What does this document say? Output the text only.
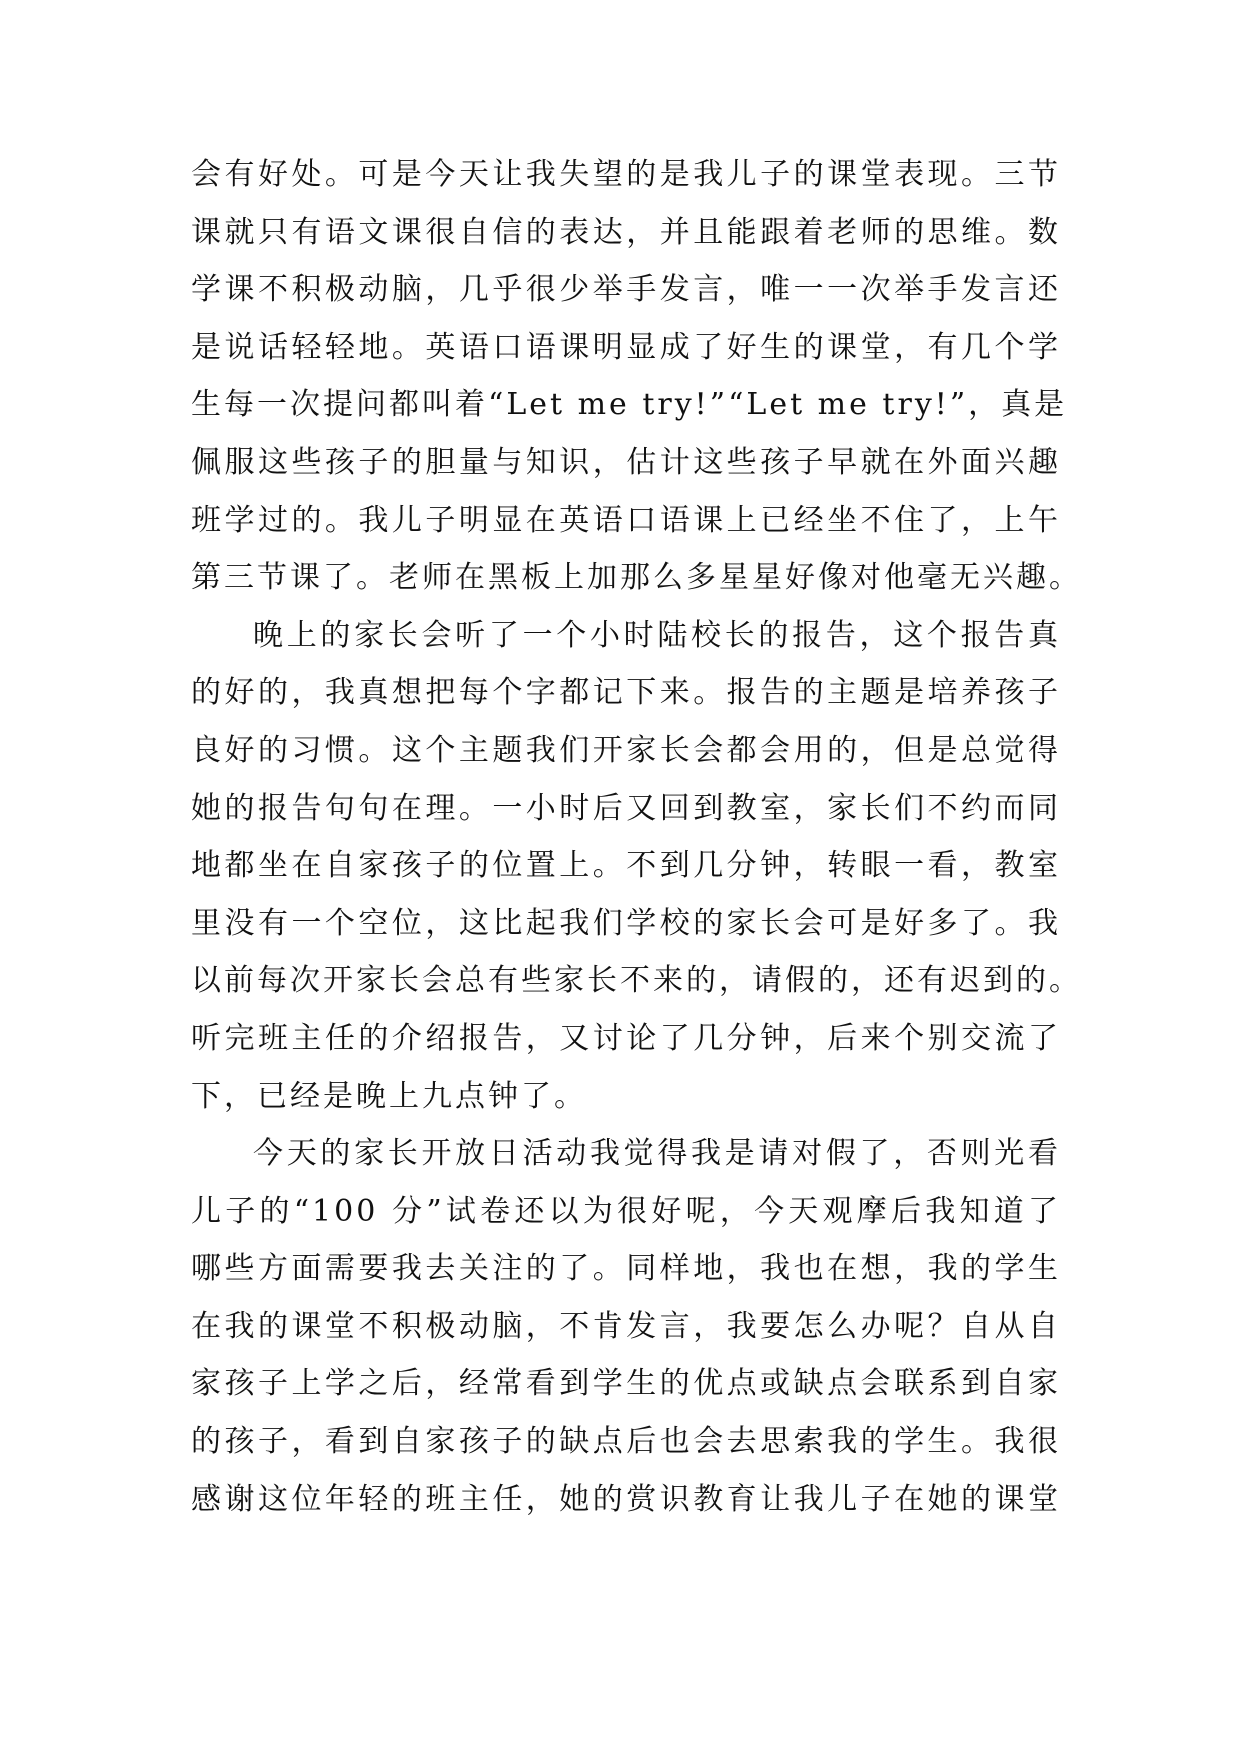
会有好处。可是今天让我失望的是我儿子的课堂表现。三节
课就只有语文课很自信的表达，并且能跟着老师的思维。数
学课不积极动脑，几乎很少举手发言，唯一一次举手发言还
是说话轻轻地。英语口语课明显成了好生的课堂，有几个学
生每一次提问都叫着“Let me try!”“Let me try!”，真是
佩服这些孩子的胆量与知识，估计这些孩子早就在外面兴趣
班学过的。我儿子明显在英语口语课上已经坐不住了，上午
第三节课了。老师在黑板上加那么多星星好像对他毫无兴趣。
晚上的家长会听了一个小时陆校长的报告，这个报告真
的好的，我真想把每个字都记下来。报告的主题是培养孩子
良好的习惯。这个主题我们开家长会都会用的，但是总觉得
她的报告句句在理。一小时后又回到教室，家长们不约而同
地都坐在自家孩子的位置上。不到几分钟，转眼一看，教室
里没有一个空位，这比起我们学校的家长会可是好多了。我
以前每次开家长会总有些家长不来的，请假的，还有迟到的。
听完班主任的介绍报告，又讨论了几分钟，后来个别交流了
下，已经是晚上九点钟了。
今天的家长开放日活动我觉得我是请对假了，否则光看
儿子的“100 分”试卷还以为很好呢，今天观摩后我知道了
哪些方面需要我去关注的了。同样地，我也在想，我的学生
在我的课堂不积极动脑，不肯发言，我要怎么办呢？自从自
家孩子上学之后，经常看到学生的优点或缺点会联系到自家
的孩子，看到自家孩子的缺点后也会去思索我的学生。我很
感谢这位年轻的班主任，她的赏识教育让我儿子在她的课堂
